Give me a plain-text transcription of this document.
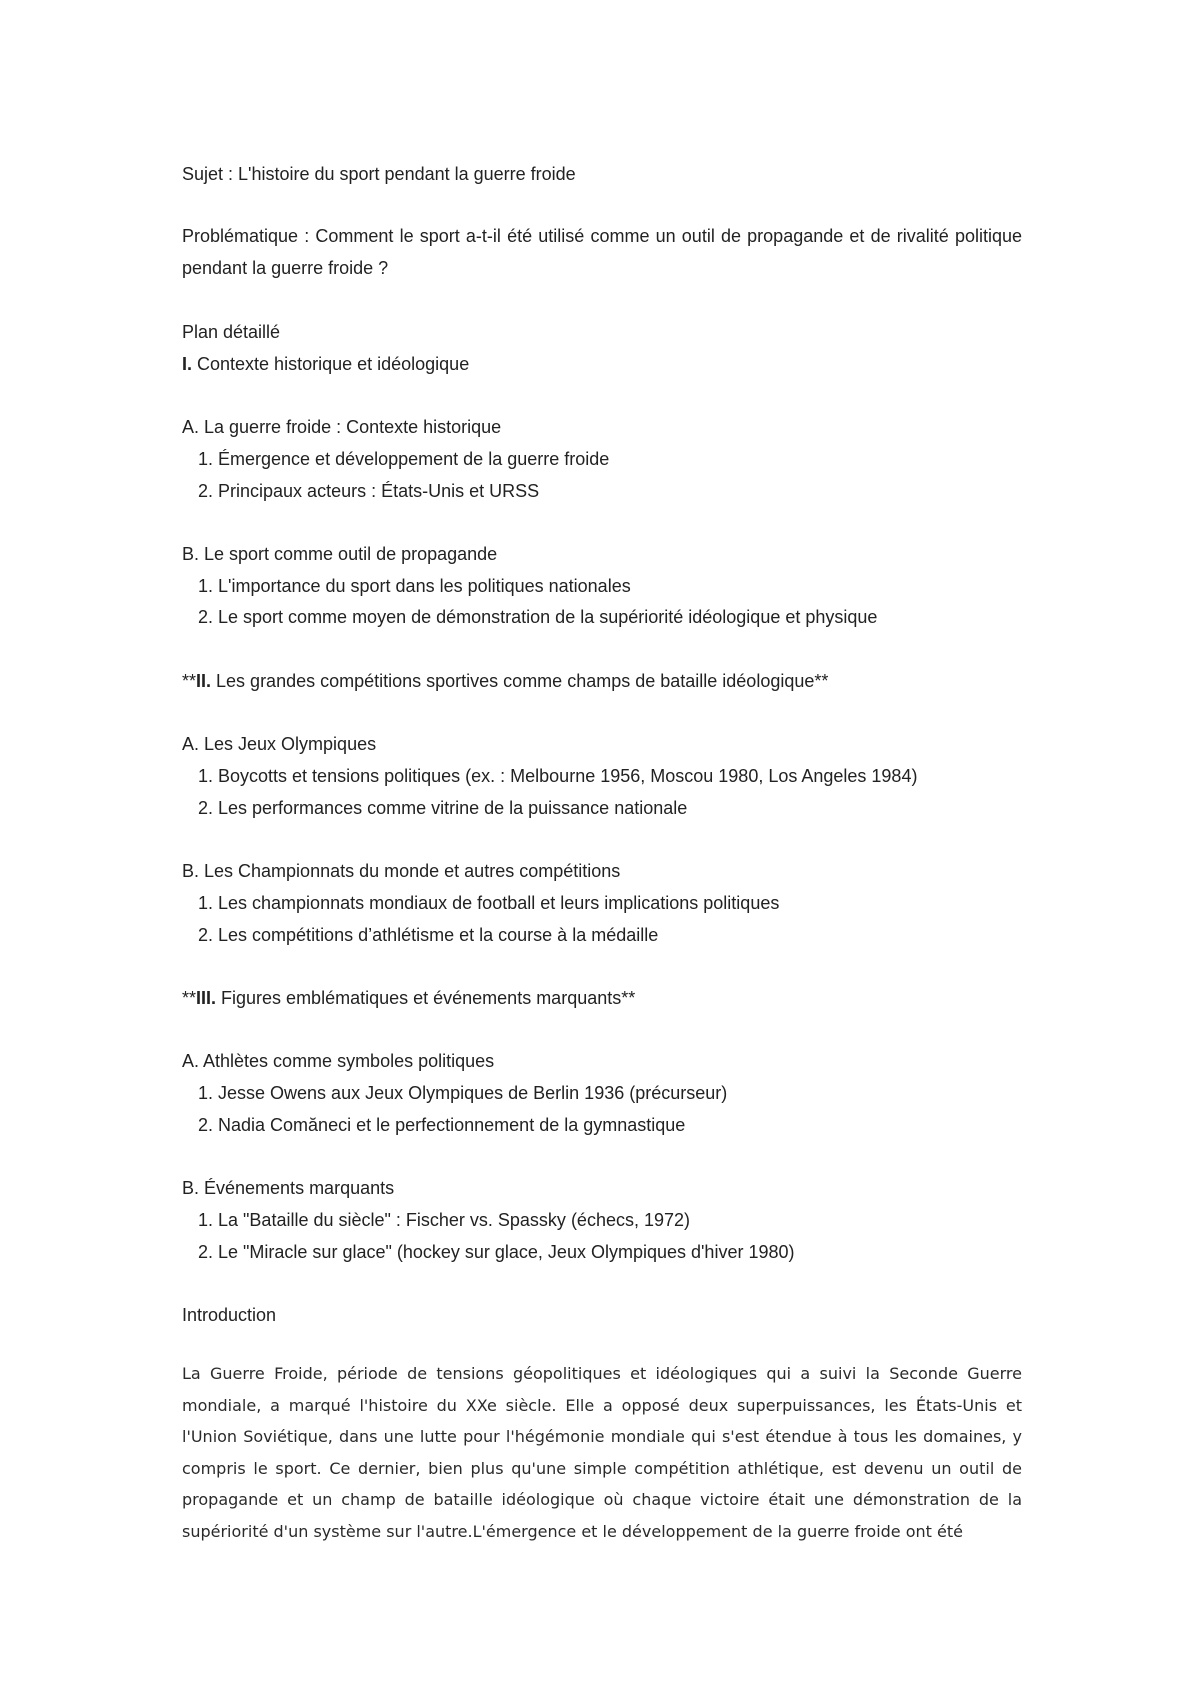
Sujet : L'histoire du sport pendant la guerre froide
Problématique : Comment le sport a-t-il été utilisé comme un outil de propagande et de rivalité politique pendant la guerre froide ?
Plan détaillé
I. Contexte historique et idéologique
A. La guerre froide : Contexte historique
1. Émergence et développement de la guerre froide
2. Principaux acteurs : États-Unis et URSS
B. Le sport comme outil de propagande
1. L'importance du sport dans les politiques nationales
2. Le sport comme moyen de démonstration de la supériorité idéologique et physique
**II. Les grandes compétitions sportives comme champs de bataille idéologique**
A. Les Jeux Olympiques
1. Boycotts et tensions politiques (ex. : Melbourne 1956, Moscou 1980, Los Angeles 1984)
2. Les performances comme vitrine de la puissance nationale
B. Les Championnats du monde et autres compétitions
1. Les championnats mondiaux de football et leurs implications politiques
2. Les compétitions d’athlétisme et la course à la médaille
**III. Figures emblématiques et événements marquants**
A. Athlètes comme symboles politiques
1. Jesse Owens aux Jeux Olympiques de Berlin 1936 (précurseur)
2. Nadia Comăneci et le perfectionnement de la gymnastique
B. Événements marquants
1. La "Bataille du siècle" : Fischer vs. Spassky (échecs, 1972)
2. Le "Miracle sur glace" (hockey sur glace, Jeux Olympiques d'hiver 1980)
Introduction
La Guerre Froide, période de tensions géopolitiques et idéologiques qui a suivi la Seconde Guerre mondiale, a marqué l'histoire du XXe siècle. Elle a opposé deux superpuissances, les États-Unis et l'Union Soviétique, dans une lutte pour l'hégémonie mondiale qui s'est étendue à tous les domaines, y compris le sport. Ce dernier, bien plus qu'une simple compétition athlétique, est devenu un outil de propagande et un champ de bataille idéologique où chaque victoire était une démonstration de la supériorité d'un système sur l'autre.L'émergence et le développement de la guerre froide ont été
